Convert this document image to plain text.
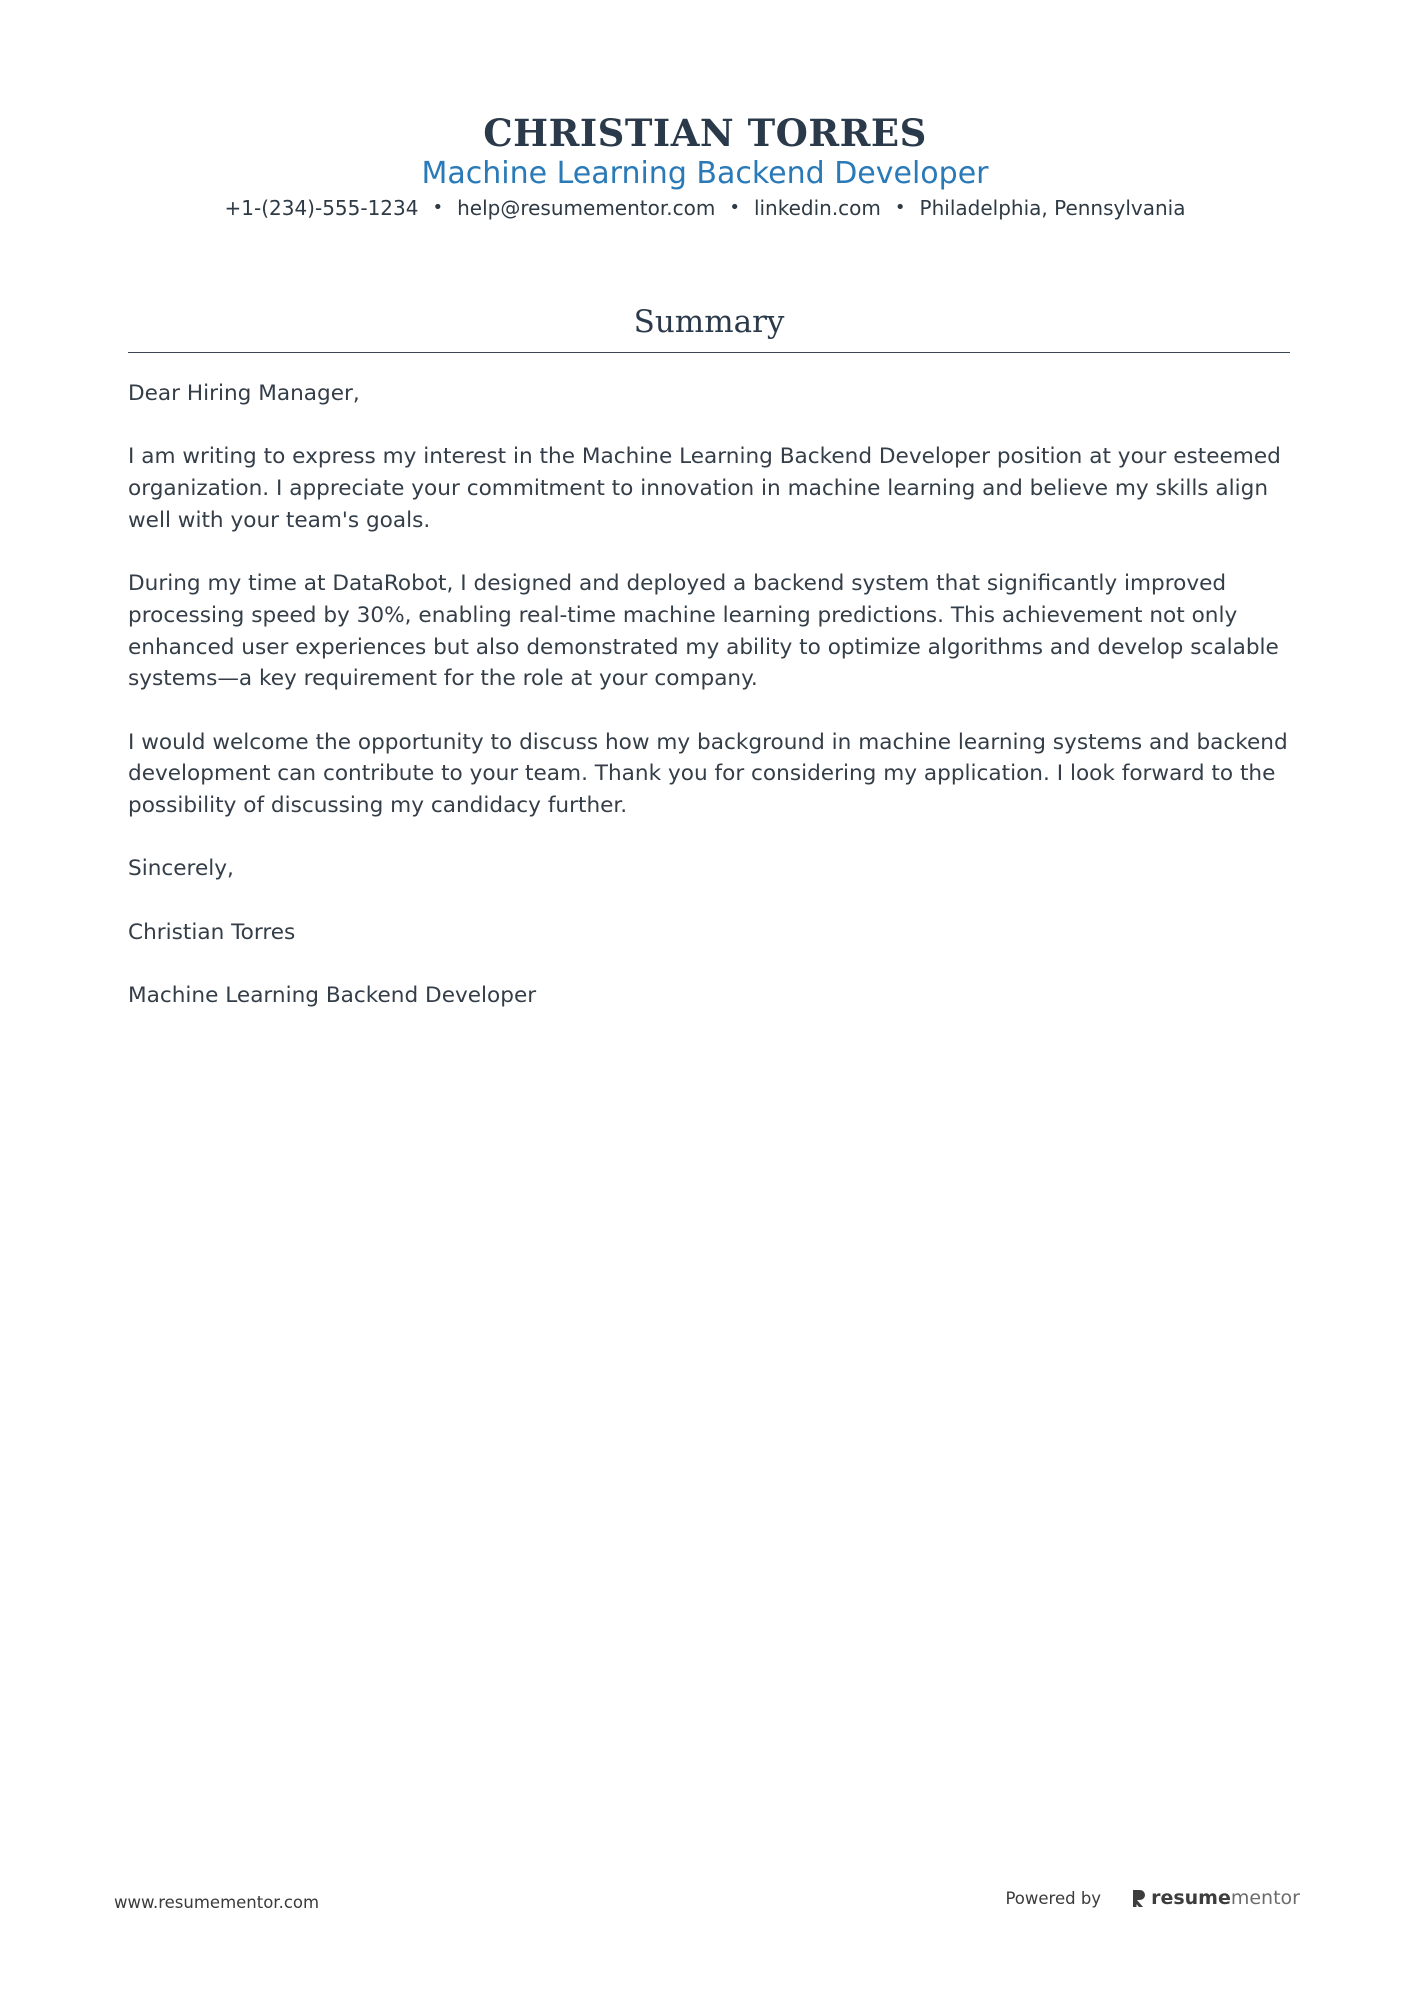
CHRISTIAN TORRES
Machine Learning Backend Developer
+1-(234)-555-1234 • help@resumementor.com • linkedin.com • Philadelphia, Pennsylvania
Summary

Dear Hiring Manager,

I am writing to express my interest in the Machine Learning Backend Developer position at your esteemed organization. I appreciate your commitment to innovation in machine learning and believe my skills align well with your team's goals.

During my time at DataRobot, I designed and deployed a backend system that significantly improved processing speed by 30%, enabling real-time machine learning predictions. This achievement not only enhanced user experiences but also demonstrated my ability to optimize algorithms and develop scalable systems—a key requirement for the role at your company.

I would welcome the opportunity to discuss how my background in machine learning systems and backend development can contribute to your team. Thank you for considering my application. I look forward to the possibility of discussing my candidacy further.

Sincerely,

Christian Torres

Machine Learning Backend Developer

www.resumementor.com	Powered by	resume mentor
